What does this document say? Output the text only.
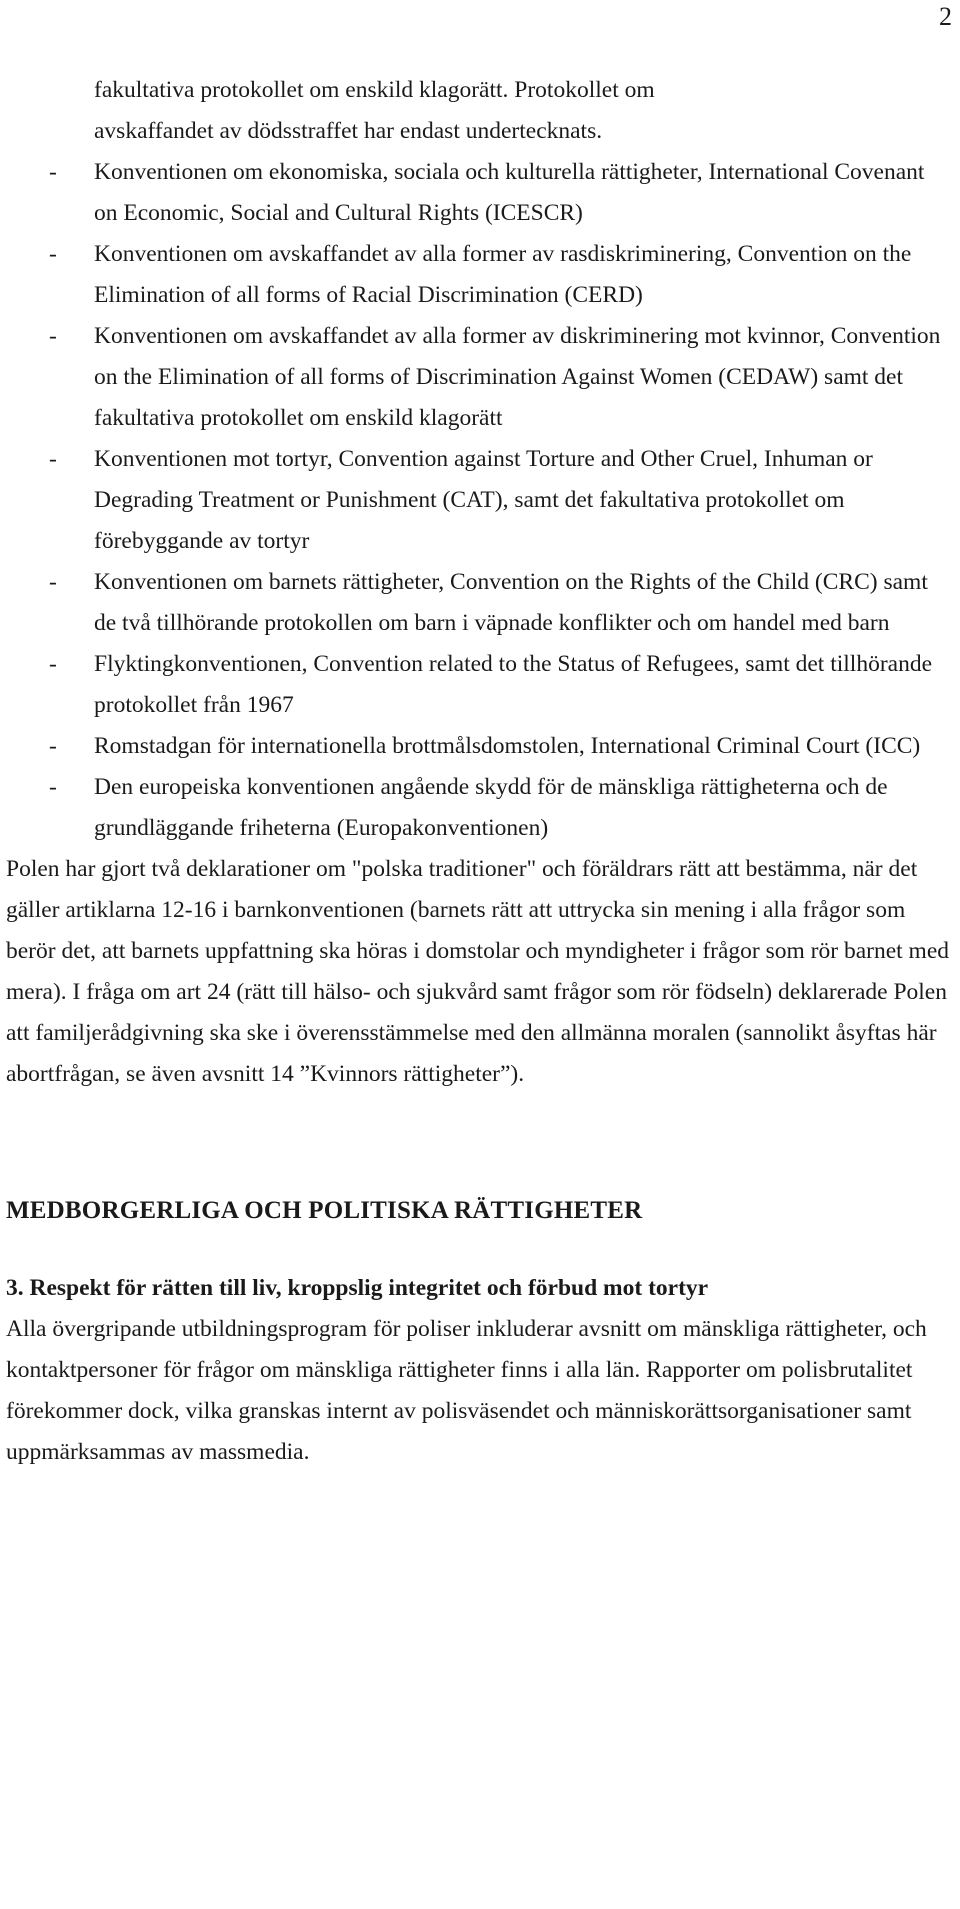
2
fakultativa protokollet om enskild klagorätt. Protokollet om
avskaffandet av dödsstraffet har endast undertecknats.
- Konventionen om ekonomiska, sociala och kulturella rättigheter, International Covenant on Economic, Social and Cultural Rights (ICESCR)
- Konventionen om avskaffandet av alla former av rasdiskriminering, Convention on the Elimination of all forms of Racial Discrimination (CERD)
- Konventionen om avskaffandet av alla former av diskriminering mot kvinnor, Convention on the Elimination of all forms of Discrimination Against Women (CEDAW) samt det fakultativa protokollet om enskild klagorätt
- Konventionen mot tortyr, Convention against Torture and Other Cruel, Inhuman or Degrading Treatment or Punishment (CAT), samt det fakultativa protokollet om förebyggande av tortyr
- Konventionen om barnets rättigheter, Convention on the Rights of the Child (CRC) samt de två tillhörande protokollen om barn i väpnade konflikter och om handel med barn
- Flyktingkonventionen, Convention related to the Status of Refugees, samt det tillhörande protokollet från 1967
- Romstadgan för internationella brottmålsdomstolen, International Criminal Court (ICC)
- Den europeiska konventionen angående skydd för de mänskliga rättigheterna och de grundläggande friheterna (Europakonventionen)

Polen har gjort två deklarationer om "polska traditioner" och föräldrars rätt att bestämma, när det gäller artiklarna 12-16 i barnkonventionen (barnets rätt att uttrycka sin mening i alla frågor som berör det, att barnets uppfattning ska höras i domstolar och myndigheter i frågor som rör barnet med mera). I fråga om art 24 (rätt till hälso- och sjukvård samt frågor som rör födseln) deklarerade Polen att familjerådgivning ska ske i överensstämmelse med den allmänna moralen (sannolikt åsyftas här abortfrågan, se även avsnitt 14 ”Kvinnors rättigheter”).

MEDBORGERLIGA OCH POLITISKA RÄTTIGHETER
3. Respekt för rätten till liv, kroppslig integritet och förbud mot tortyr

Alla övergripande utbildningsprogram för poliser inkluderar avsnitt om mänskliga rättigheter, och kontaktpersoner för frågor om mänskliga rättigheter finns i alla län. Rapporter om polisbrutalitet förekommer dock, vilka granskas internt av polisväsendet och människorättsorganisationer samt uppmärksammas av massmedia.
